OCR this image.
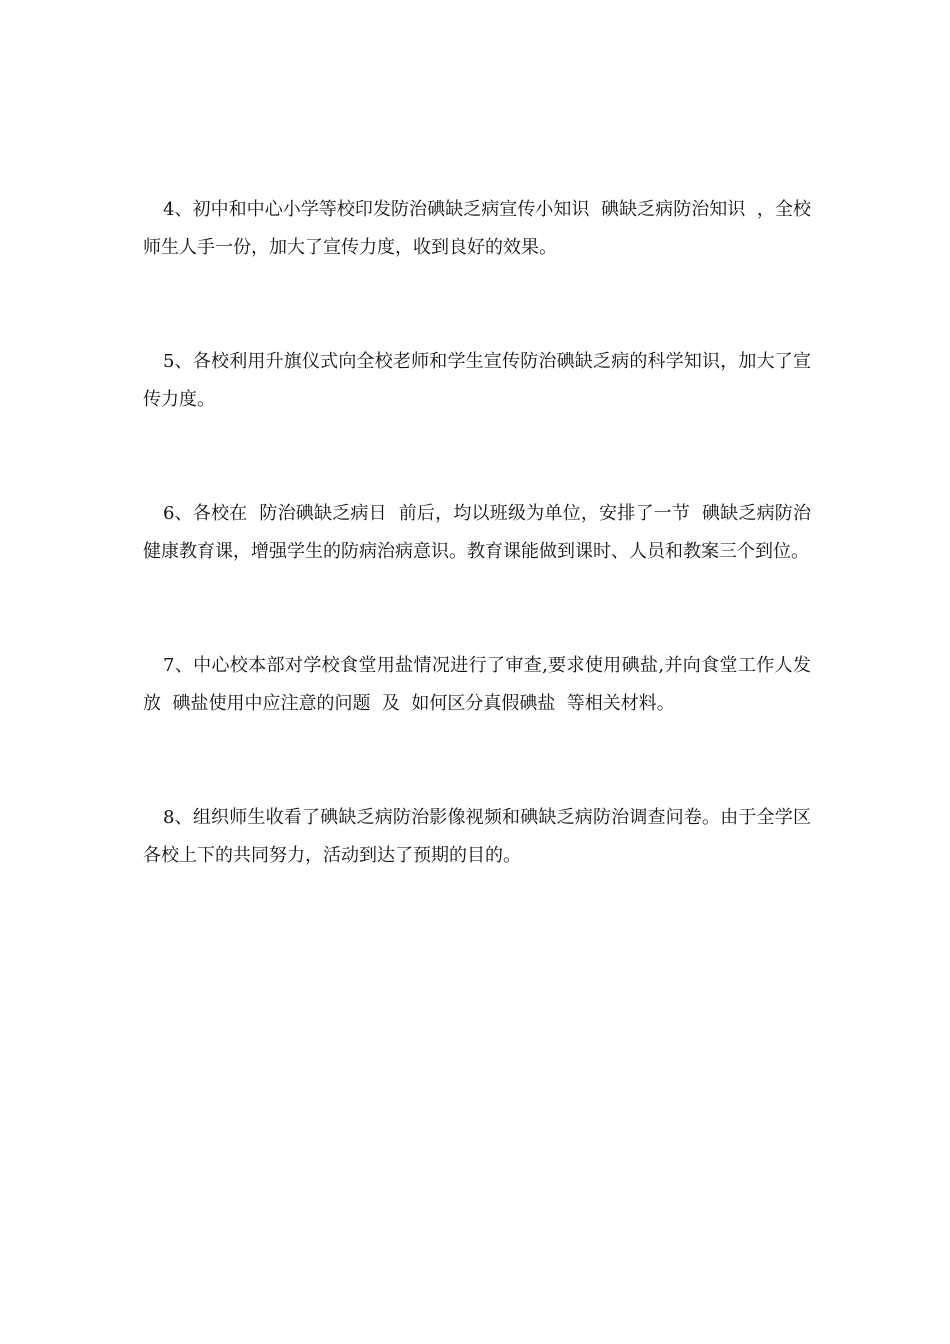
4、初中和中心小学等校印发防治碘缺乏病宣传小知识  碘缺乏病防治知识  ，全校师生人手一份，加大了宣传力度，收到良好的效果。

5、各校利用升旗仪式向全校老师和学生宣传防治碘缺乏病的科学知识，加大了宣传力度。

6、各校在  防治碘缺乏病日  前后，均以班级为单位，安排了一节  碘缺乏病防治  健康教育课，增强学生的防病治病意识。教育课能做到课时、人员和教案三个到位。

7、中心校本部对学校食堂用盐情况进行了审查,要求使用碘盐,并向食堂工作人发放  碘盐使用中应注意的问题  及  如何区分真假碘盐  等相关材料。

8、组织师生收看了碘缺乏病防治影像视频和碘缺乏病防治调查问卷。由于全学区各校上下的共同努力，活动到达了预期的目的。
